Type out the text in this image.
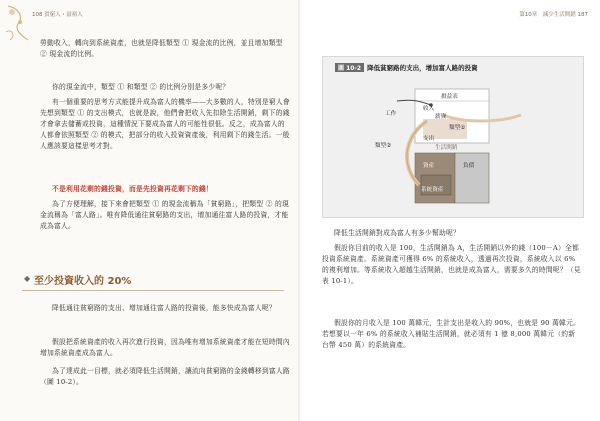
108 貧窮人・富裕人	第10章　減少生活開銷 187
勞動收入，轉向到系統資產，也就是降低類型 ① 現金流的比例，並且增加類型 ② 現金流的比例。
你的現金流中，類型 ① 和類型 ② 的比例分別是多少呢？
有一個重要的思考方式能提升成為富人的機率——大多數的人，特別是窮人會先想到類型 ① 的支出模式，也就是說，他們會把收入先扣除生活開銷，剩下的錢才會拿去儲蓄或投資，這種情況下要成為富人的可能性很低。反之，成為富人的人都會依照類型 ② 的模式，把部分的收入投資資產後，利用剩下的錢生活。一般人應該要這樣思考才對。
不是利用花剩的錢投資，而是先投資再花剩下的錢！
為了方便理解，接下來會把類型 ① 的現金流稱為「貧窮路」，把類型 ② 的現金流稱為「富人路」。唯有降低通往貧窮路的支出，增加通往富人路的投資，才能成為富人。
◆ 至少投資收入的 20%
降低通往貧窮路的支出、增加通往富人路的投資後，能多快成為富人呢？
假設把系統資產的收入再次進行投資，因為唯有增加系統資產才能在短時間內增加系統資產成為富人。
為了達成此一目標，就必須降低生活開銷，讓流向貧窮路的金錢轉移到富人路（圖 10-2）。
圖 10-2 降低貧窮路的支出，增加富人路的投資
損益表
收入
工作	薪資
類型①
類型②
支出
生活開銷
資產	負債
系統資產
降低生活開銷對成為富人有多少幫助呢？
假設你目前的收入是 100，生活開銷為 A，生活開銷以外的錢（100－A）全都投資系統資產。系統資產可獲得 6% 的系統收入，透過再次投資，系統收入以 6% 的複利增加。等系統收入超越生活開銷，也就是成為富人，需要多久的時間呢？（見表 10-1）。
假設你的月收入是 100 萬韓元，生計支出是收入的 90%，也就是 90 萬韓元。若想要以一年 6% 的系統收入補貼生活開銷，就必須有 1 億 8,000 萬韓元（約新台幣 450 萬）的系統資產。
